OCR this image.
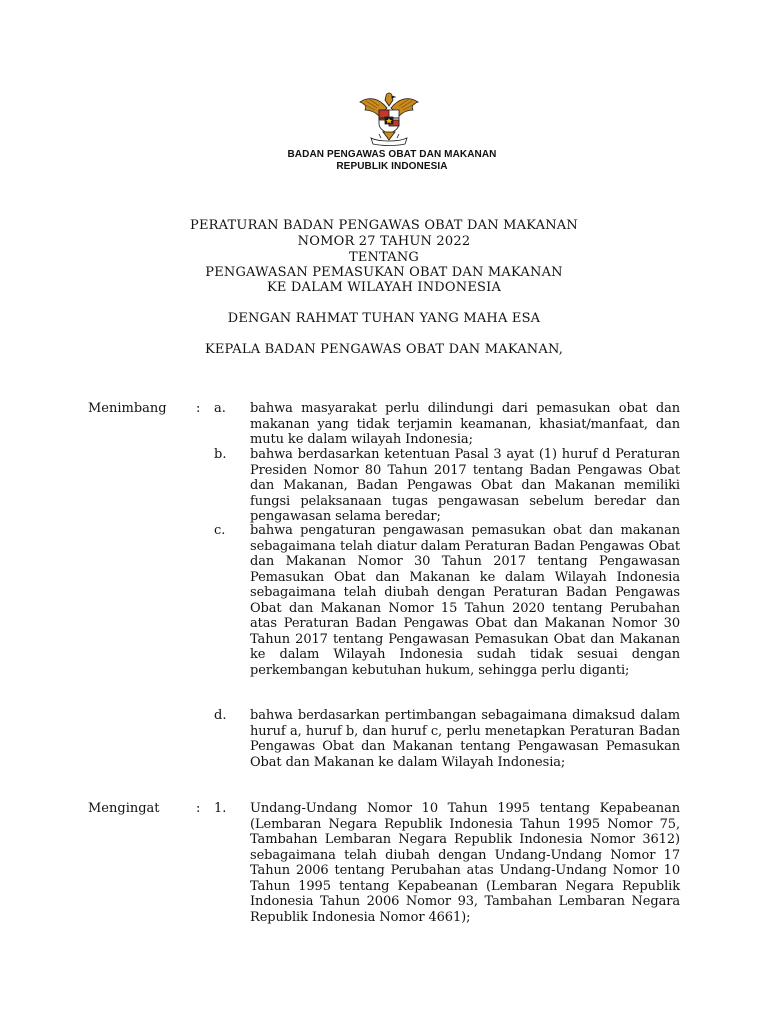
BADAN PENGAWAS OBAT DAN MAKANAN
REPUBLIK INDONESIA
PERATURAN BADAN PENGAWAS OBAT DAN MAKANAN
NOMOR 27 TAHUN 2022
TENTANG
PENGAWASAN PEMASUKAN OBAT DAN MAKANAN
KE DALAM WILAYAH INDONESIA
DENGAN RAHMAT TUHAN YANG MAHA ESA
KEPALA BADAN PENGAWAS OBAT DAN MAKANAN,
Menimbang : a. bahwa masyarakat perlu dilindungi dari pemasukan obat dan makanan yang tidak terjamin keamanan, khasiat/manfaat, dan mutu ke dalam wilayah Indonesia;
b. bahwa berdasarkan ketentuan Pasal 3 ayat (1) huruf d Peraturan Presiden Nomor 80 Tahun 2017 tentang Badan Pengawas Obat dan Makanan, Badan Pengawas Obat dan Makanan memiliki fungsi pelaksanaan tugas pengawasan sebelum beredar dan pengawasan selama beredar;
c. bahwa pengaturan pengawasan pemasukan obat dan makanan sebagaimana telah diatur dalam Peraturan Badan Pengawas Obat dan Makanan Nomor 30 Tahun 2017 tentang Pengawasan Pemasukan Obat dan Makanan ke dalam Wilayah Indonesia sebagaimana telah diubah dengan Peraturan Badan Pengawas Obat dan Makanan Nomor 15 Tahun 2020 tentang Perubahan atas Peraturan Badan Pengawas Obat dan Makanan Nomor 30 Tahun 2017 tentang Pengawasan Pemasukan Obat dan Makanan ke dalam Wilayah Indonesia sudah tidak sesuai dengan perkembangan kebutuhan hukum, sehingga perlu diganti;
d. bahwa berdasarkan pertimbangan sebagaimana dimaksud dalam huruf a, huruf b, dan huruf c, perlu menetapkan Peraturan Badan Pengawas Obat dan Makanan tentang Pengawasan Pemasukan Obat dan Makanan ke dalam Wilayah Indonesia;
Mengingat	: 1. Undang-Undang Nomor 10 Tahun 1995 tentang Kepabeanan (Lembaran Negara Republik Indonesia Tahun 1995 Nomor 75, Tambahan Lembaran Negara Republik Indonesia Nomor 3612) sebagaimana telah diubah dengan Undang-Undang Nomor 17 Tahun 2006 tentang Perubahan atas Undang-Undang Nomor 10 Tahun 1995 tentang Kepabeanan (Lembaran Negara Republik Indonesia Tahun 2006 Nomor 93, Tambahan Lembaran Negara Republik Indonesia Nomor 4661);
